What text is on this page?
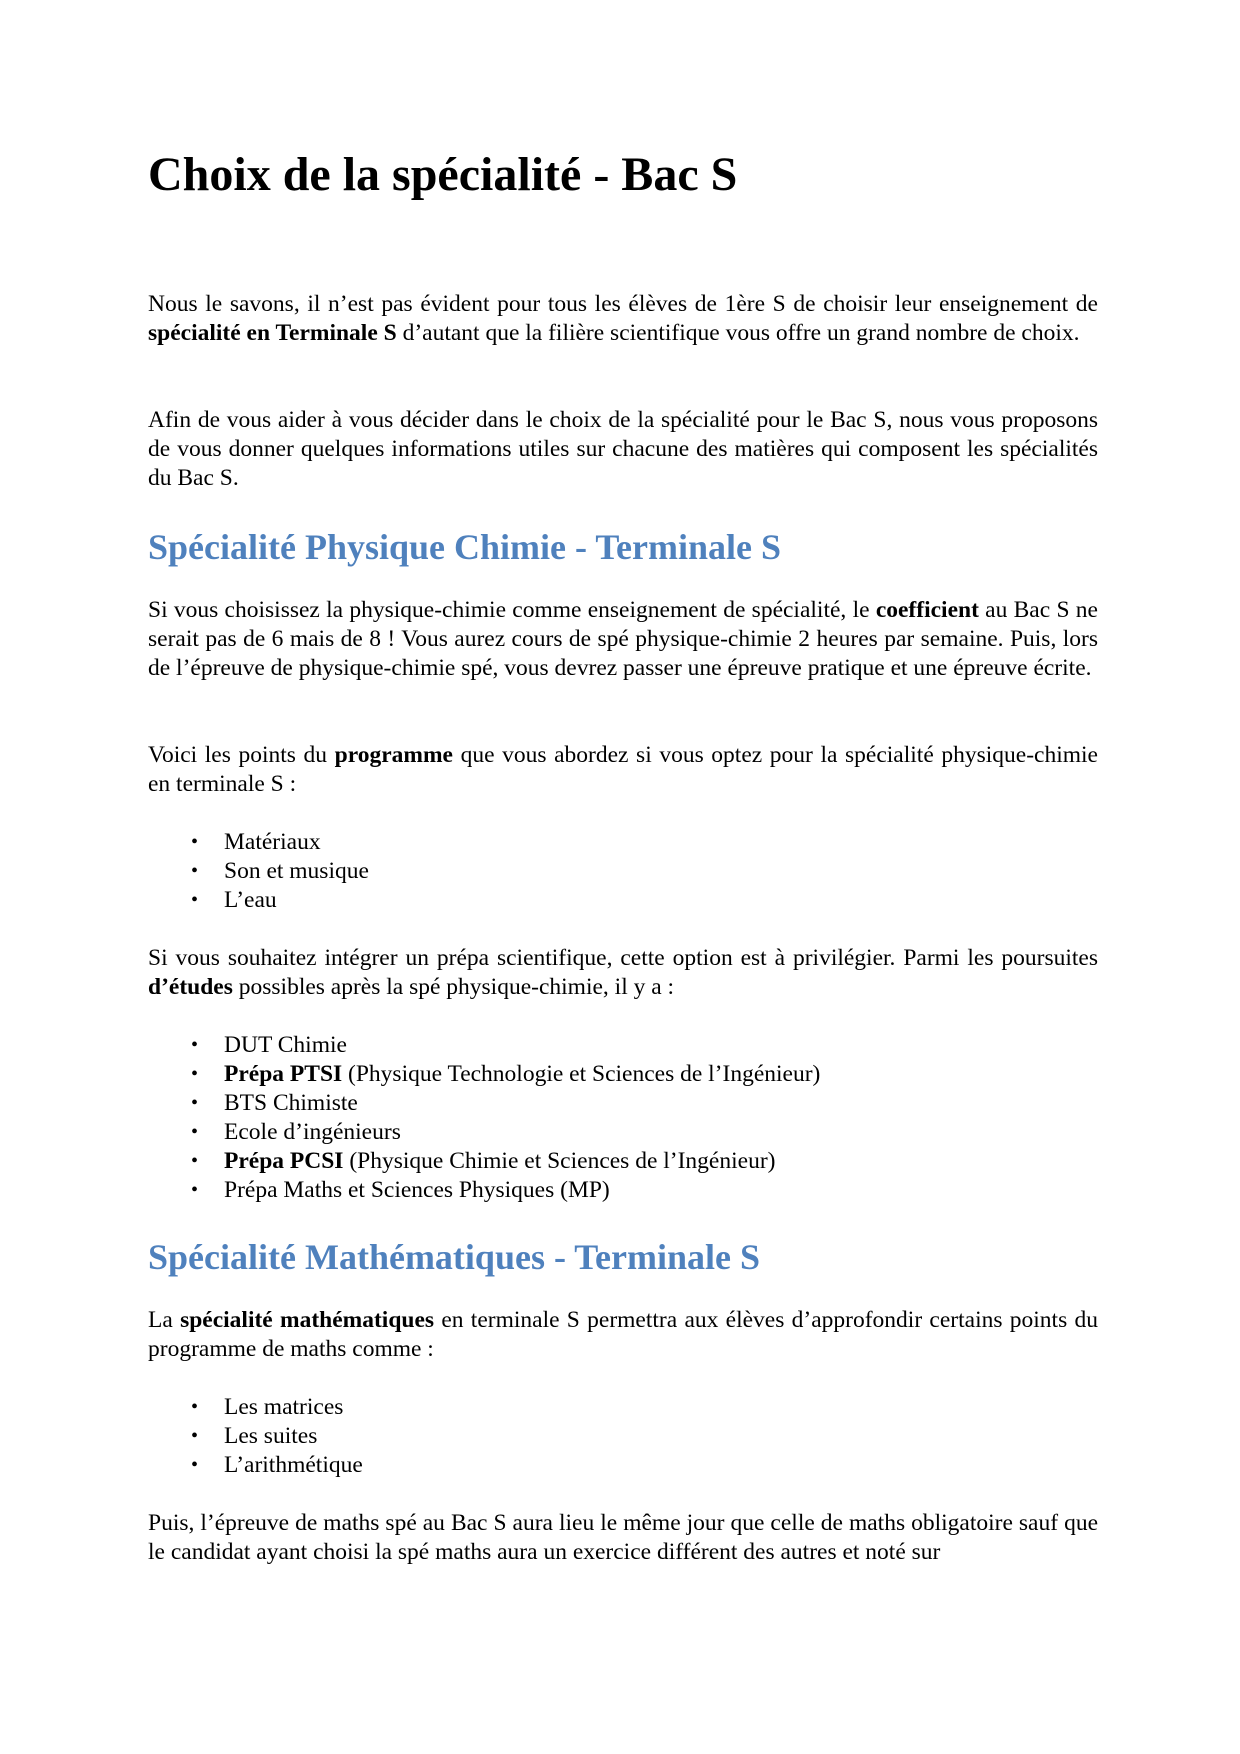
Choix de la spécialité - Bac S

Nous le savons, il n’est pas évident pour tous les élèves de 1ère S de choisir leur enseignement de spécialité en Terminale S d’autant que la filière scientifique vous offre un grand nombre de choix.

Afin de vous aider à vous décider dans le choix de la spécialité pour le Bac S, nous vous proposons de vous donner quelques informations utiles sur chacune des matières qui composent les spécialités du Bac S.

Spécialité Physique Chimie - Terminale S

Si vous choisissez la physique-chimie comme enseignement de spécialité, le coefficient au Bac S ne serait pas de 6 mais de 8 ! Vous aurez cours de spé physique-chimie 2 heures par semaine. Puis, lors de l’épreuve de physique-chimie spé, vous devrez passer une épreuve pratique et une épreuve écrite.

Voici les points du programme que vous abordez si vous optez pour la spécialité physique-chimie en terminale S :

• Matériaux
• Son et musique
• L’eau

Si vous souhaitez intégrer un prépa scientifique, cette option est à privilégier. Parmi les poursuites d’études possibles après la spé physique-chimie, il y a :

• DUT Chimie
• Prépa PTSI (Physique Technologie et Sciences de l’Ingénieur)
• BTS Chimiste
• Ecole d’ingénieurs
• Prépa PCSI (Physique Chimie et Sciences de l’Ingénieur)
• Prépa Maths et Sciences Physiques (MP)
Spécialité Mathématiques - Terminale S

La spécialité mathématiques en terminale S permettra aux élèves d’approfondir certains points du programme de maths comme :

• Les matrices
• Les suites
• L’arithmétique

Puis, l’épreuve de maths spé au Bac S aura lieu le même jour que celle de maths obligatoire sauf que le candidat ayant choisi la spé maths aura un exercice différent des autres et noté sur
